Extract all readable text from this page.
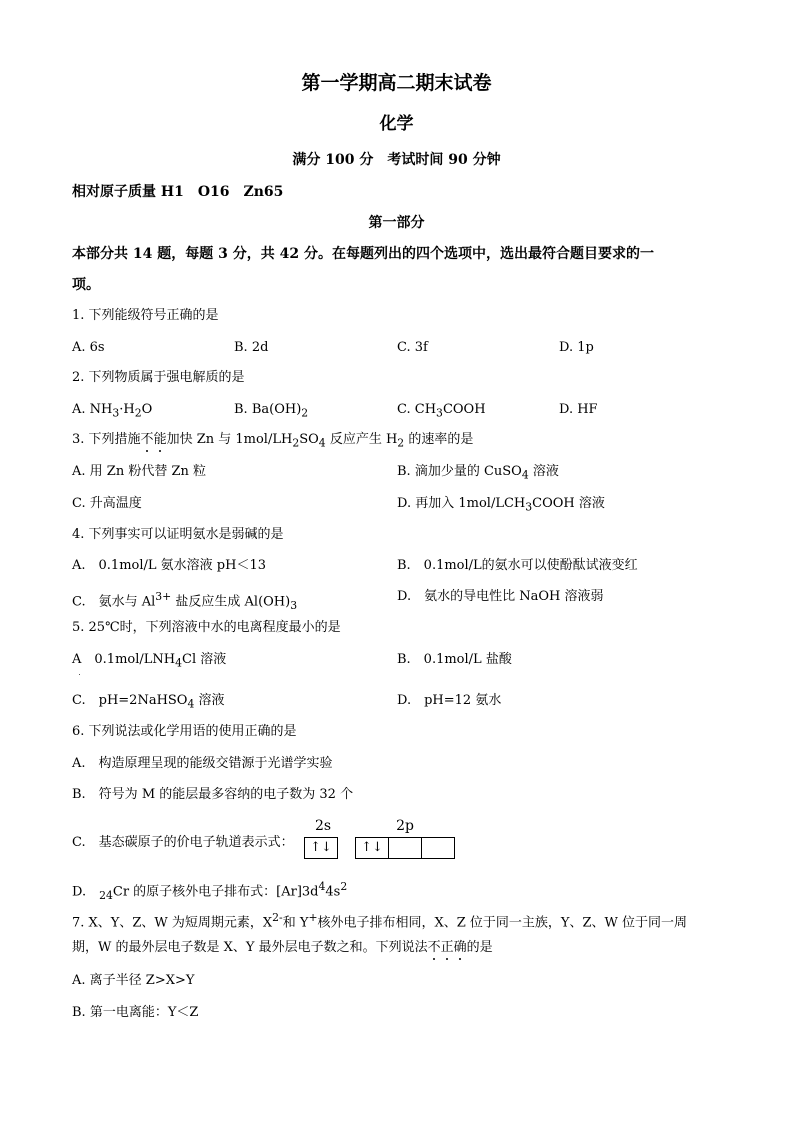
第一学期高二期末试卷
化学
满分 100 分　考试时间 90 分钟
相对原子质量 H1　O16　Zn65
第一部分
本部分共 14 题，每题 3 分，共 42 分。在每题列出的四个选项中，选出最符合题目要求的一
项。
1. 下列能级符号正确的是
A. 6s	B. 2d	C. 3f	D. 1p
2. 下列物质属于强电解质的是
A. $NH_3\cdot H_2O$	B. $Ba(OH)_2$	C. $CH_3COOH$	D. HF
3. 下列措施不能加快 Zn 与 $1mol/LH_2SO_4$ 反应产生 $H_2$ 的速率的是
A. 用 Zn 粉代替 Zn 粒	B. 滴加少量的 CuSO$_4$ 溶液
C. 升高温度	D. 再加入 $1mol/LCH_3COOH$ 溶液
4. 下列事实可以证明氨水是弱碱的是
A.　0.1mol/L 氨水溶液 pH＜13	B.　0.1mol/L的氨水可以使酚酞试液变红
C.　氨水与 $Al^{3+}$ 盐反应生成 $Al(OH)_3$
D.　氨水的导电性比 NaOH 溶液弱
5. 25℃时，下列溶液中水的电离程度最小的是
A　$0.1mol/LNH_4Cl$ 溶液	B.　0.1mol/L 盐酸
C.　pH=2NaHSO$_4$ 溶液	D.　pH=12 氨水
6. 下列说法或化学用语的使用正确的是
A.　构造原理呈现的能级交错源于光谱学实验
B.　符号为 M 的能层最多容纳的电子数为 32 个
C.　基态碳原子的价电子轨道表示式：
2s	2p
↑↓	↑↓
D.　$_{24}$Cr 的原子核外电子排布式：$[Ar]3d^44s^2$
7. X、Y、Z、W 为短周期元素，$X^{2-}$和 Y+核外电子排布相同，X、Z 位于同一主族，Y、Z、W 位于同一周
期，W 的最外层电子数是 X、Y 最外层电子数之和。下列说法不正确的是
A. 离子半径 Z>X>Y
B. 第一电离能：Y＜Z
